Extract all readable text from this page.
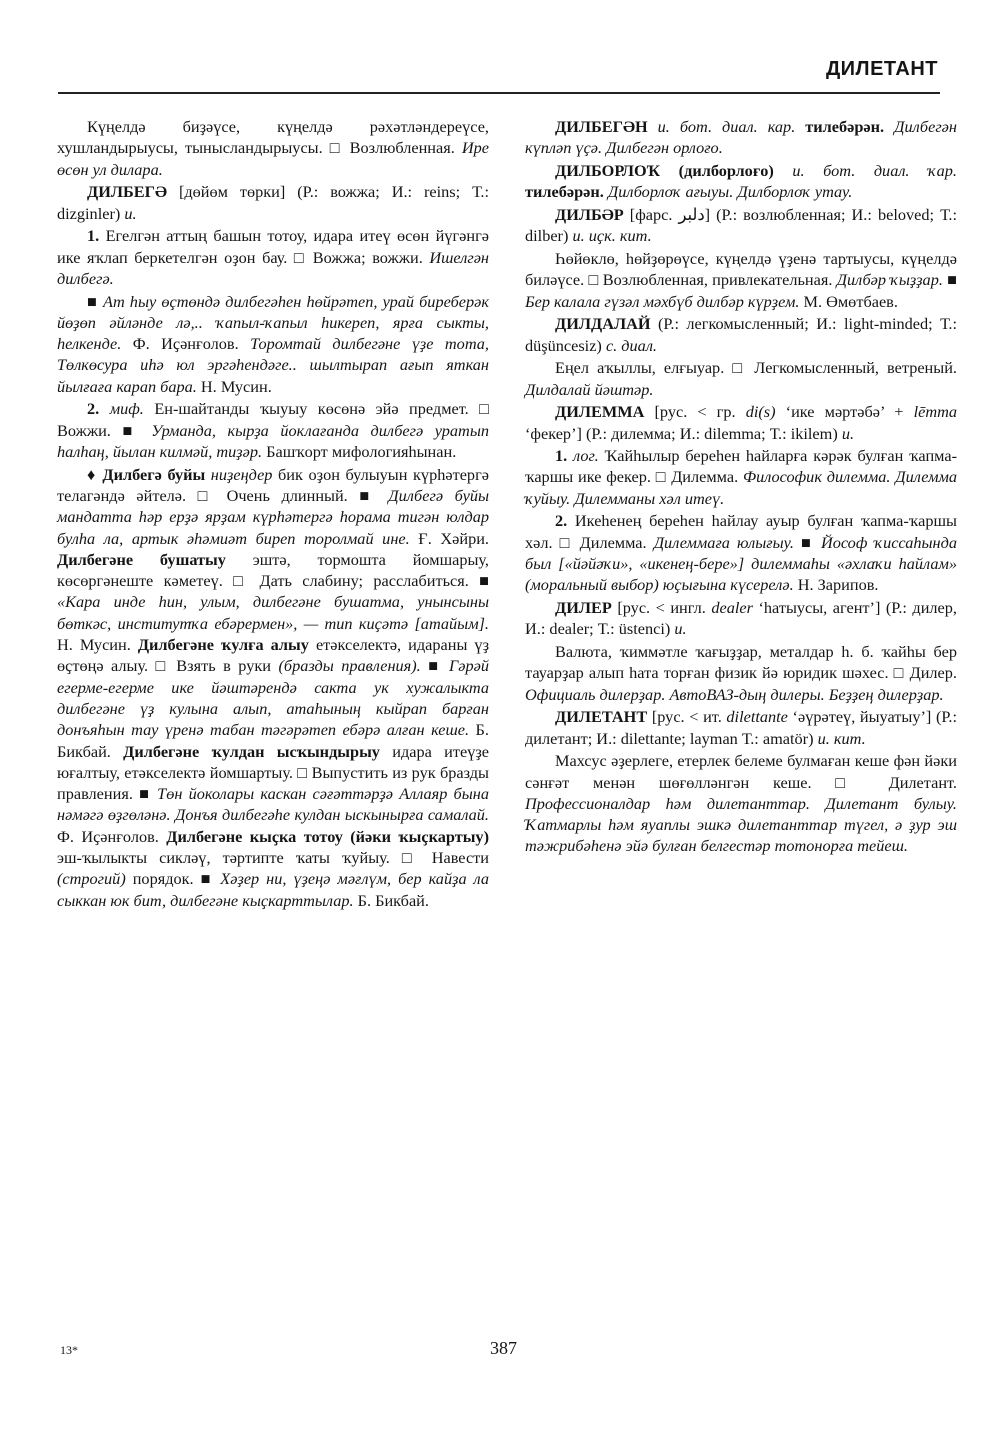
ДИЛЕТАНТ

Күңелдә биҙәүсе, күңелдә рәхәтләндереүсе, хушландырыусы, тынысландырыусы. □ Возлюбленная. Ире өсөн ул дилара.

ДИЛБЕГӘ [дөйөм төрки] (Р.: вожжа; И.: reins; Т.: dizginler) и.

1. Егелгән аттың башын тотоу, идара итеү өсөн йүгәнгә ике яҡлап беркетелгән оҙон бау. □ Вожжа; вожжи. Ишелгән дилбегә.

■ Ат һыу өҫтөндә дилбегәһен һөйрәтеп, урай биреберәк йөҙөп әйләнде лә,.. ҡапыл-ҡапыл һикереп, ярға сыкты, һелкенде. Ф. Иҫәнғолов. Торомтай дилбегәне үҙе тота, Төлкөсура иһә юл эргәһендәге.. шылтырап ағып яткан йылғаға карап бара. Н. Мусин.

2. миф. Ен-шайтанды ҡыуыу көсөнә эйә предмет. □ Вожжи. ■ Урманда, кырҙа йоклағанда дилбегә уратып һалһаң, йылан килмәй, тиҙәр. Башҡорт мифологияһынан.

♦ Дилбегә буйы ниҙеңдер бик оҙон булыуын күрһәтергә телагәндә әйтелә. □ Очень длинный. ■ Дилбегә буйы мандатта һәр ерҙә ярҙам күрһәтергә һорама тигән юлдар булһа ла, артык әһәмиәт биреп торолмай ине. Ғ. Хәйри. Дилбегәне бушатыу эштә, тормошта йомшарыу, көсөргәнеште кәметеү. □ Дать слабину; расслабиться. ■ «Кара инде һин, улым, дилбегәне бушатма, унынсыны бөткәс, институтҡа ебәрермен», — тип киҫәтә [атайым]. Н. Мусин. Дилбегәне ҡулға алыу етәкселектә, идараны үҙ өҫтөңә алыу. □ Взять в руки (бразды правления). ■ Гәрәй егерме-егерме ике йәштәрендә сакта ук хужалыкта дилбегәне үҙ кулына алып, атаһының кыйрап барған донъяһын тау үренә табан тәгәрәтеп ебәрә алған кеше. Б. Бикбай. Дилбегәне ҡулдан ысҡындырыу идара итеүҙе юғалтыу, етәкселектә йомшартыу. □ Выпустить из рук бразды правления. ■ Төн йоколары каскан сәғәттәрҙә Аллаяр бына нәмәгә өҙгөләнә. Донъя дилбегәһе кулдан ыскынырға самалай. Ф. Иҫәнғолов. Дилбегәне кыҫка тотоу (йәки ҡыҫкартыу) эш-ҡылыкты сикләү, тәртипте ҡаты ҡуйыу. □ Навести (строгий) порядок. ■ Хәҙер ни, үҙеңә мәғлүм, бер кайҙа ла сыккан юк бит, дилбегәне кыҫкарттылар. Б. Бикбай.

ДИЛБЕГӘН и. бот. диал. кар. тилебәрән. Дилбегән күпләп үҫә. Дилбегән орлоғо.

ДИЛБОРЛОҠ (дилборлоғо) и. бот. диал. ҡар. тилебәрән. Дилборлоҡ ағыуы. Дилборлоҡ утау.

ДИЛБӘР [фарс. دلبر] (Р.: возлюбленная; И.: beloved; Т.: dilber) и. иҫк. кит.

Һөйөклө, һөйҙөрөүсе, күңелдә үҙенә тартыусы, күңелдә биләүсе. □ Возлюбленная, привлекательная. Дилбәр ҡыҙҙар. ■ Бер калала гүзәл мәхбүб дилбәр күрҙем. М. Өмөтбаев.

ДИЛДАЛАЙ (Р.: легкомысленный; И.: light-minded; Т.: düşüncesiz) с. диал.

Еңел аҡыллы, елғыуар. □ Легкомысленный, ветреный. Дилдалай йәштәр.

ДИЛЕММА [рус. < гр. di(s) ‘ике мәртәбә’ + lēmma ‘фекер’] (Р.: дилемма; И.: dilemma; Т.: ikilem) и.

1. лог. Ҡайһылыр береһен һайларға кәрәк булған ҡапма-ҡаршы ике фекер. □ Дилемма. Философик дилемма. Дилемма ҡуйыу. Дилемманы хәл итеү.

2. Икеһенең береһен һайлау ауыр булған ҡапма-ҡаршы хәл. □ Дилемма. Дилеммаға юлығыу. ■ Йософ ҡиссаһында был [«йәйәҡи», «икенең-бере»] дилеммаһы «әхлаҡи һайлам» (моральный выбор) юҫығына күсерелә. Н. Зарипов.

ДИЛЕР [рус. < ингл. dealer ‘һатыусы, агент’] (Р.: дилер, И.: dealer; Т.: üstenci) и.

Валюта, ҡиммәтле ҡағыҙҙар, металдар һ. б. ҡайһы бер тауарҙар алып һата торған физик йә юридик шәхес. □ Дилер. Официаль дилерҙар. АвтоВАЗ-дың дилеры. Беҙҙең дилерҙар.

ДИЛЕТАНТ [рус. < ит. dilettante ‘әүрәтеү, йыуатыу’] (Р.: дилетант; И.: dilettante; layman Т.: amatör) и. кит.

Махсус әҙерлеге, етерлек белеме булмаған кеше фән йәки сәнғәт менән шөғөлләнгән кеше. □ Дилетант. Профессионалдар һәм дилетанттар. Дилетант булыу. Ҡатмарлы һәм яуаплы эшкә дилетанттар түгел, ә ҙур эш тәжрибәһенә эйә булған белгестәр тотонорға тейеш.

13*	387
